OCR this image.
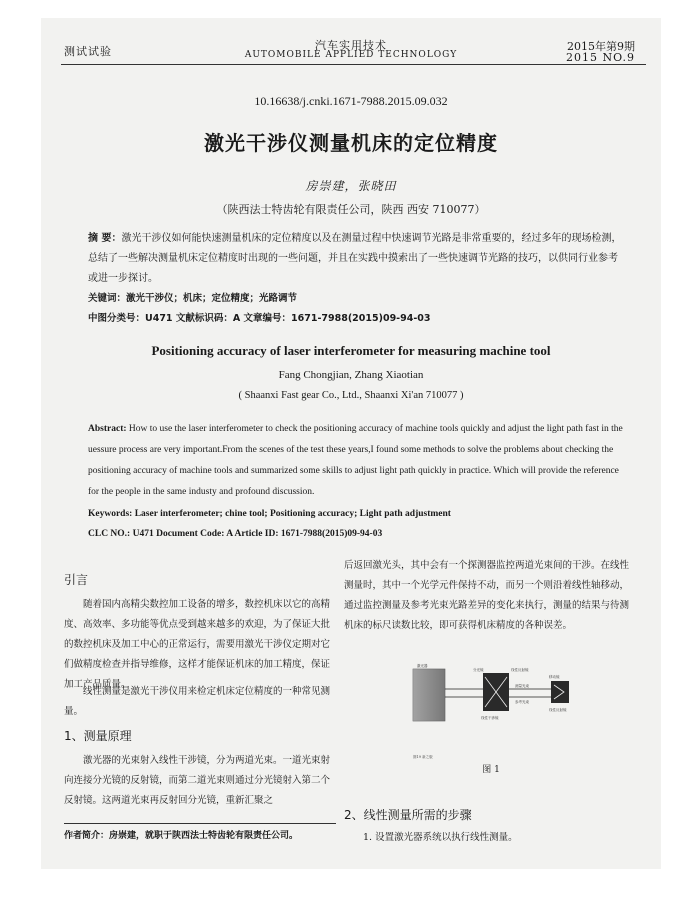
测试试验	汽车实用技术

AUTOMOBILE APPLIED TECHNOLOGY

2015年第9期

2015 NO.9

10.16638/j.cnki.1671-7988.2015.09.032

激光干涉仪测量机床的定位精度

房崇建，张晓田

（陕西法士特齿轮有限责任公司，陕西 西安 710077）

摘 要：激光干涉仪如何能快速测量机床的定位精度以及在测量过程中快速调节光路是非常重要的，经过多年的现场检测，总结了一些解决测量机床定位精度时出现的一些问题，并且在实践中摸索出了一些快速调节光路的技巧，以供同行业参考或进一步探讨。

关键词：激光干涉仪；机床；定位精度；光路调节

中图分类号：U471 文献标识码：A 文章编号：1671-7988(2015)09-94-03

Positioning accuracy of laser interferometer for measuring machine tool

Fang Chongjian, Zhang Xiaotian

( Shaanxi Fast gear Co., Ltd., Shaanxi Xi'an 710077 )

Abstract: How to use the laser interferometer to check the positioning accuracy of machine tools quickly and adjust the light path fast in the uessure process are very important.From the scenes of the test these years,I found some methods to solve the problems about checking the positioning accuracy of machine tools and summarized some skills to adjust light path quickly in practice. Which will provide the reference for the people in the same industy and profound discussion.

Keywords: Laser interferometer; chine tool; Positioning accuracy; Light path adjustment

CLC NO.: U471 Document Code: A Article ID: 1671-7988(2015)09-94-03

引言

随着国内高精尖数控加工设备的增多，数控机床以它的高精度、高效率、多功能等优点受到越来越多的欢迎，为了保证大批的数控机床及加工中心的正常运行，需要用激光干涉仪定期对它们做精度检查并指导维修，这样才能保证机床的加工精度，保证加工产品质量。

线性测量是激光干涉仪用来检定机床定位精度的一种常见测量。

1、测量原理

激光器的光束射入线性干涉镜，分为两道光束。一道光束射向连接分光镜的反射镜，而第二道光束则通过分光镜射入第二个反射镜。这两道光束再反射回分光镜，重新汇聚之

作者简介：房崇建，就职于陕西法士特齿轮有限责任公司。

后返回激光头，其中会有一个探测器监控两道光束间的干涉。在线性测量时，其中一个光学元件保持不动，而另一个则沿着线性轴移动，通过监控测量及参考光束光路差异的变化来执行，测量的结果与待测机床的标尺读数比较，即可获得机床精度的各种误差。

激光器
分光镜	线性反射镜
测量光束
参考光束
移动镜
线性干涉镜
线性反射镜
图19 新之版

图 1

2、线性测量所需的步骤

1. 设置激光器系统以执行线性测量。
